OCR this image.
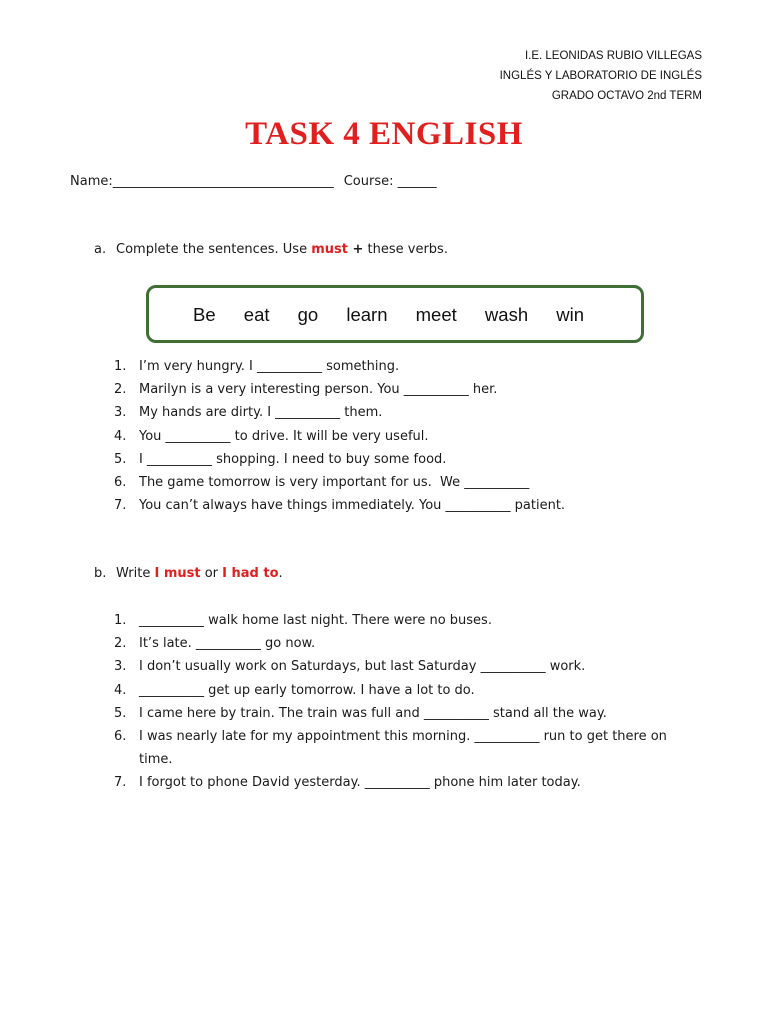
I.E. LEONIDAS RUBIO VILLEGAS
INGLÉS Y LABORATORIO DE INGLÉS
GRADO OCTAVO 2nd TERM
TASK 4 ENGLISH
Name:__________________________________ Course: ______
a. Complete the sentences. Use must + these verbs.
Be eat go learn meet wash win
1. I’m very hungry. I __________ something.
2. Marilyn is a very interesting person. You __________ her.
3. My hands are dirty. I __________ them.
4. You __________ to drive. It will be very useful.
5. I __________ shopping. I need to buy some food.
6. The game tomorrow is very important for us.  We __________
7. You can’t always have things immediately. You __________ patient.
b. Write I must or I had to.
1. __________ walk home last night. There were no buses.
2. It’s late. __________ go now.
3. I don’t usually work on Saturdays, but last Saturday __________ work.
4. __________ get up early tomorrow. I have a lot to do.
5. I came here by train. The train was full and __________ stand all the way.
6. I was nearly late for my appointment this morning. __________ run to get there on time.
7. I forgot to phone David yesterday. __________ phone him later today.
